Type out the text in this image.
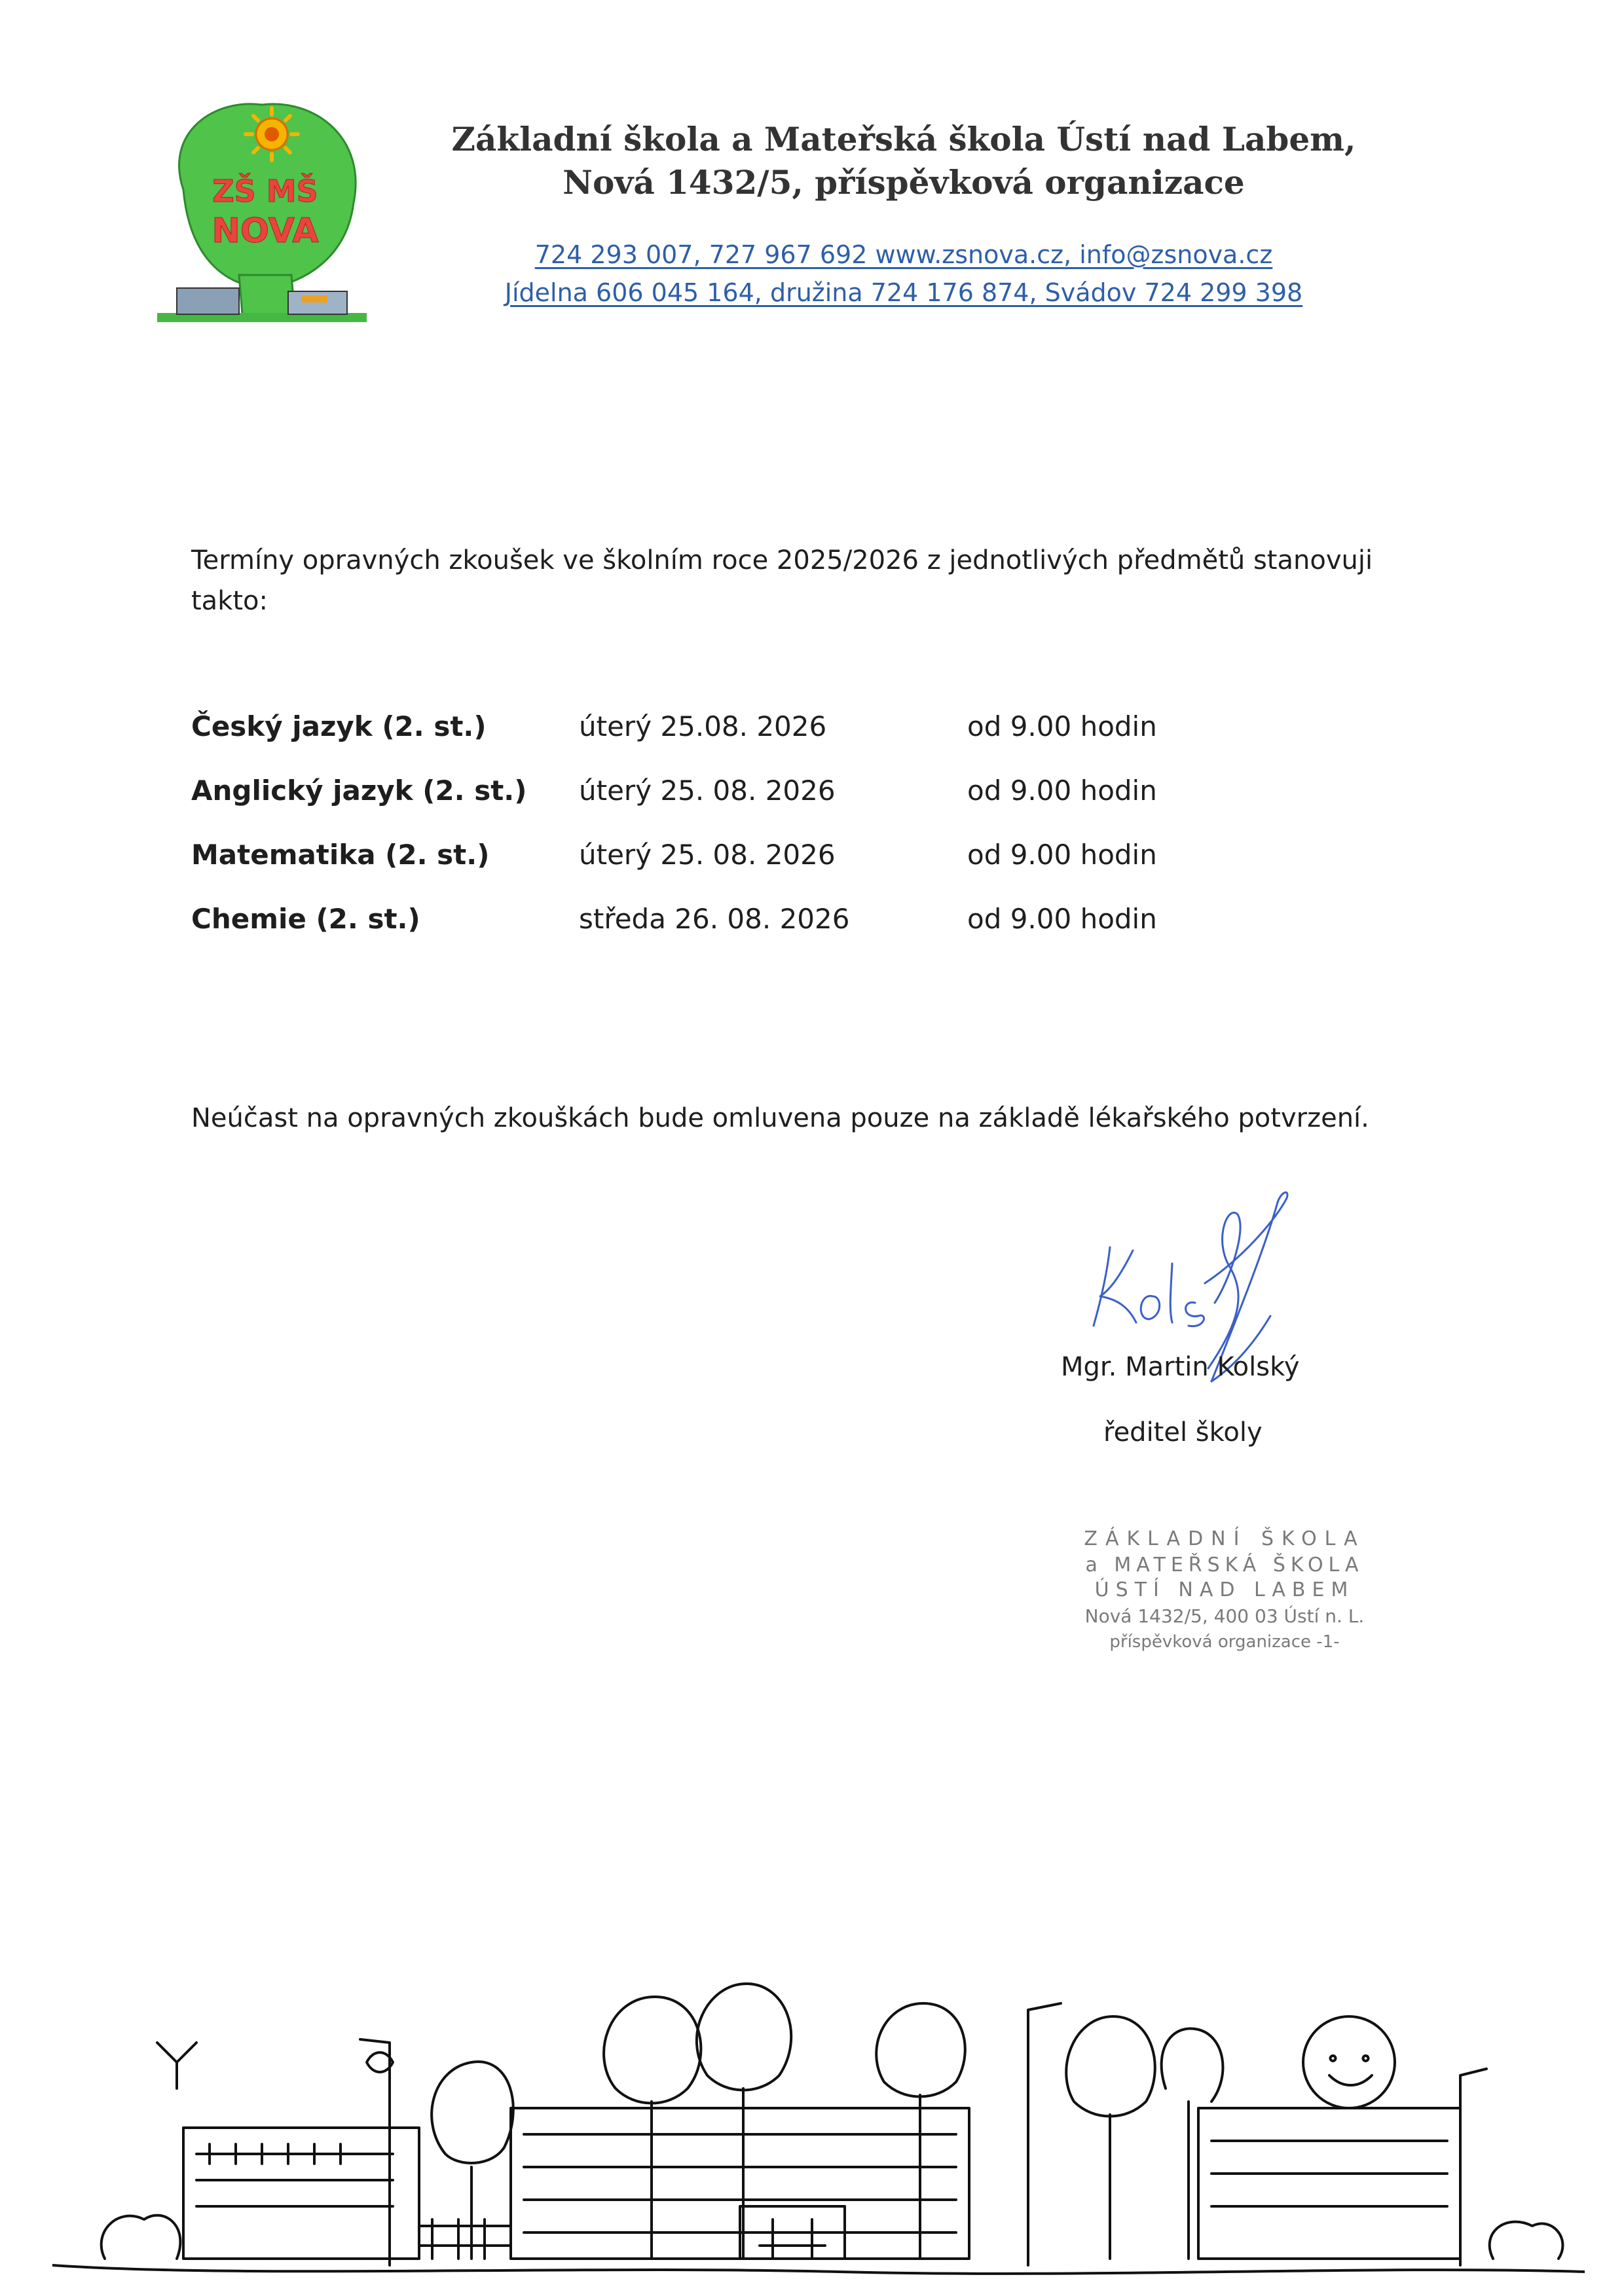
ZŠ MŠ
NOVA
Základní škola a Mateřská škola Ústí nad Labem,
Nová 1432/5, příspěvková organizace
724 293 007, 727 967 692 www.zsnova.cz, info@zsnova.cz
Jídelna 606 045 164, družina 724 176 874, Svádov 724 299 398
Termíny opravných zkoušek ve školním roce 2025/2026 z jednotlivých předmětů stanovuji takto:
Český jazyk (2. st.)	úterý 25.08. 2026	od 9.00 hodin
Anglický jazyk (2. st.) úterý 25. 08. 2026	od 9.00 hodin
Matematika (2. st.)	úterý 25. 08. 2026	od 9.00 hodin
Chemie (2. st.)	středa 26. 08. 2026	od 9.00 hodin
Neúčast na opravných zkouškách bude omluvena pouze na základě lékařského potvrzení.
Mgr. Martin Kolský
ředitel školy
ZÁKLADNÍ ŠKOLA
a MATEŘSKÁ ŠKOLA
ÚSTÍ NAD LABEM
Nová 1432/5, 400 03 Ústí n. L.
příspěvková organizace -1-
